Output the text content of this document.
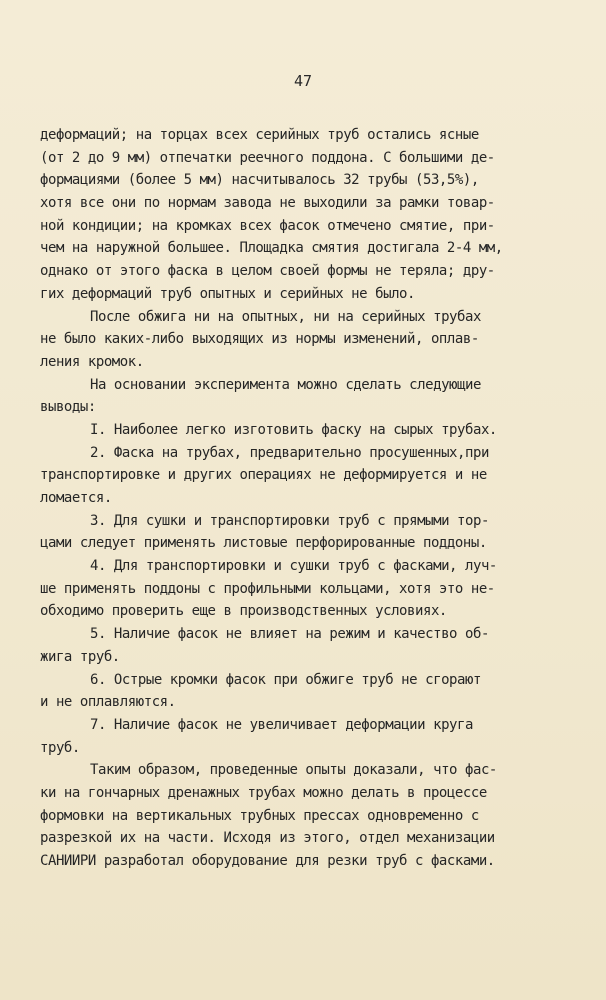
47
деформаций; на торцах всех серийных труб остались ясные
(от 2 до 9 мм) отпечатки реечного поддона. С большими де-
формациями (более 5 мм) насчитывалось 32 трубы (53,5%),
хотя все они по нормам завода не выходили за рамки товар-
ной кондиции; на кромках всех фасок отмечено смятие, при-
чем на наружной большее. Площадка смятия достигала 2-4 мм,
однако от этого фаска в целом своей формы не теряла; дру-
гих деформаций труб опытных и серийных не было.
После обжига ни на опытных, ни на серийных трубах
не было каких-либо выходящих из нормы изменений, оплав-
ления кромок.
На основании эксперимента можно сделать следующие
выводы:
I. Наиболее легко изготовить фаску на сырых трубах.
2. Фаска на трубах, предварительно просушенных,при
транспортировке и других операциях не деформируется и не
ломается.
3. Для сушки и транспортировки труб с прямыми тор-
цами следует применять листовые перфорированные поддоны.
4. Для транспортировки и сушки труб с фасками, луч-
ше применять поддоны с профильными кольцами, хотя это не-
обходимо проверить еще в производственных условиях.
5. Наличие фасок не влияет на режим и качество об-
жига труб.
6. Острые кромки фасок при обжиге труб не сгорают
и не оплавляются.
7. Наличие фасок не увеличивает деформации круга
труб.
Таким образом, проведенные опыты доказали, что фас-
ки на гончарных дренажных трубах можно делать в процессе
формовки на вертикальных трубных прессах одновременно с
разрезкой их на части. Исходя из этого, отдел механизации
САНИИРИ разработал оборудование для резки труб с фасками.
